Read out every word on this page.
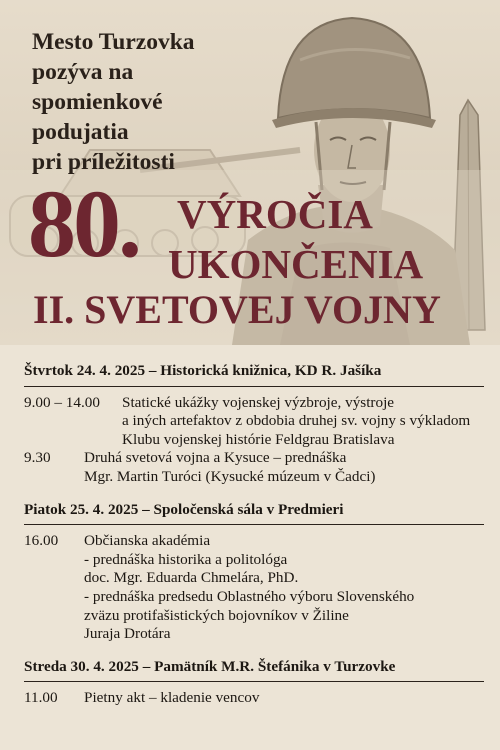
Mesto Turzovka
pozýva na
spomienkové
podujatia
pri príležitosti
80. VÝROČIA
UKONČENIA
II. SVETOVEJ VOJNY
Štvrtok 24. 4. 2025 – Historická knižnica, KD R. Jašíka
9.00 – 14.00	Statické ukážky vojenskej výzbroje, výstroje
a iných artefaktov z obdobia druhej sv. vojny s výkladom
Klubu vojenskej histórie Feldgrau Bratislava
9.30	Druhá svetová vojna a Kysuce – prednáška
Mgr. Martin Turóci (Kysucké múzeum v Čadci)
Piatok 25. 4. 2025 – Spoločenská sála v Predmieri
16.00	Občianska akadémia
- prednáška historika a politológa
doc. Mgr. Eduarda Chmelára, PhD.
- prednáška predsedu Oblastného výboru Slovenského
zväzu protifašistických bojovníkov v Žiline
Juraja Drotára
Streda 30. 4. 2025 – Pamätník M.R. Štefánika v Turzovke
11.00	Pietny akt – kladenie vencov
